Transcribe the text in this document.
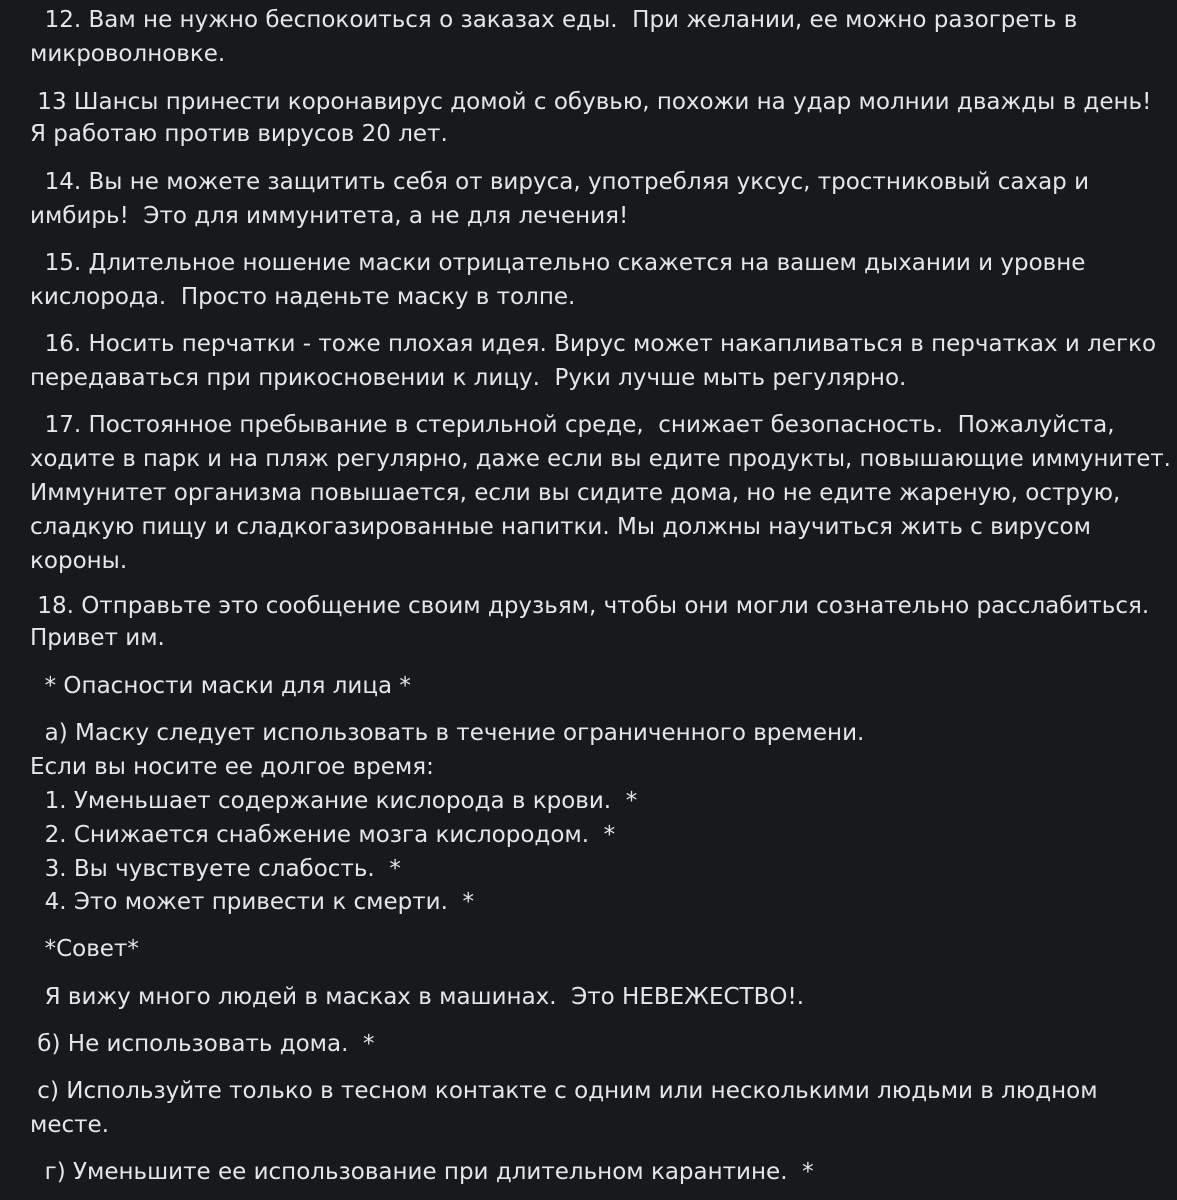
12. Вам не нужно беспокоиться о заказах еды.  При желании, ее можно разогреть в

микроволновке.

13 Шансы принести коронавирус домой с обувью, похожи на удар молнии дважды в день!

Я работаю против вирусов 20 лет.

14. Вы не можете защитить себя от вируса, употребляя уксус, тростниковый сахар и

имбирь!  Это для иммунитета, а не для лечения!

15. Длительное ношение маски отрицательно скажется на вашем дыхании и уровне

кислорода.  Просто наденьте маску в толпе.

16. Носить перчатки - тоже плохая идея. Вирус может накапливаться в перчатках и легко

передаваться при прикосновении к лицу.  Руки лучше мыть регулярно.

17. Постоянное пребывание в стерильной среде,  снижает безопасность.  Пожалуйста,

ходите в парк и на пляж регулярно, даже если вы едите продукты, повышающие иммунитет.

Иммунитет организма повышается, если вы сидите дома, но не едите жареную, острую,

сладкую пищу и сладкогазированные напитки. Мы должны научиться жить с вирусом

короны.

18. Отправьте это сообщение своим друзьям, чтобы они могли сознательно расслабиться.

Привет им.

* Опасности маски для лица *

а) Маску следует использовать в течение ограниченного времени.

Если вы носите ее долгое время:

1. Уменьшает содержание кислорода в крови.  *

2. Снижается снабжение мозга кислородом.  *

3. Вы чувствуете слабость.  *

4. Это может привести к смерти.  *

*Совет*

Я вижу много людей в масках в машинах.  Это НЕВЕЖЕСТВО!.

б) Не использовать дома.  *

с) Используйте только в тесном контакте с одним или несколькими людьми в людном

месте.

г) Уменьшите ее использование при длительном карантине.  *
